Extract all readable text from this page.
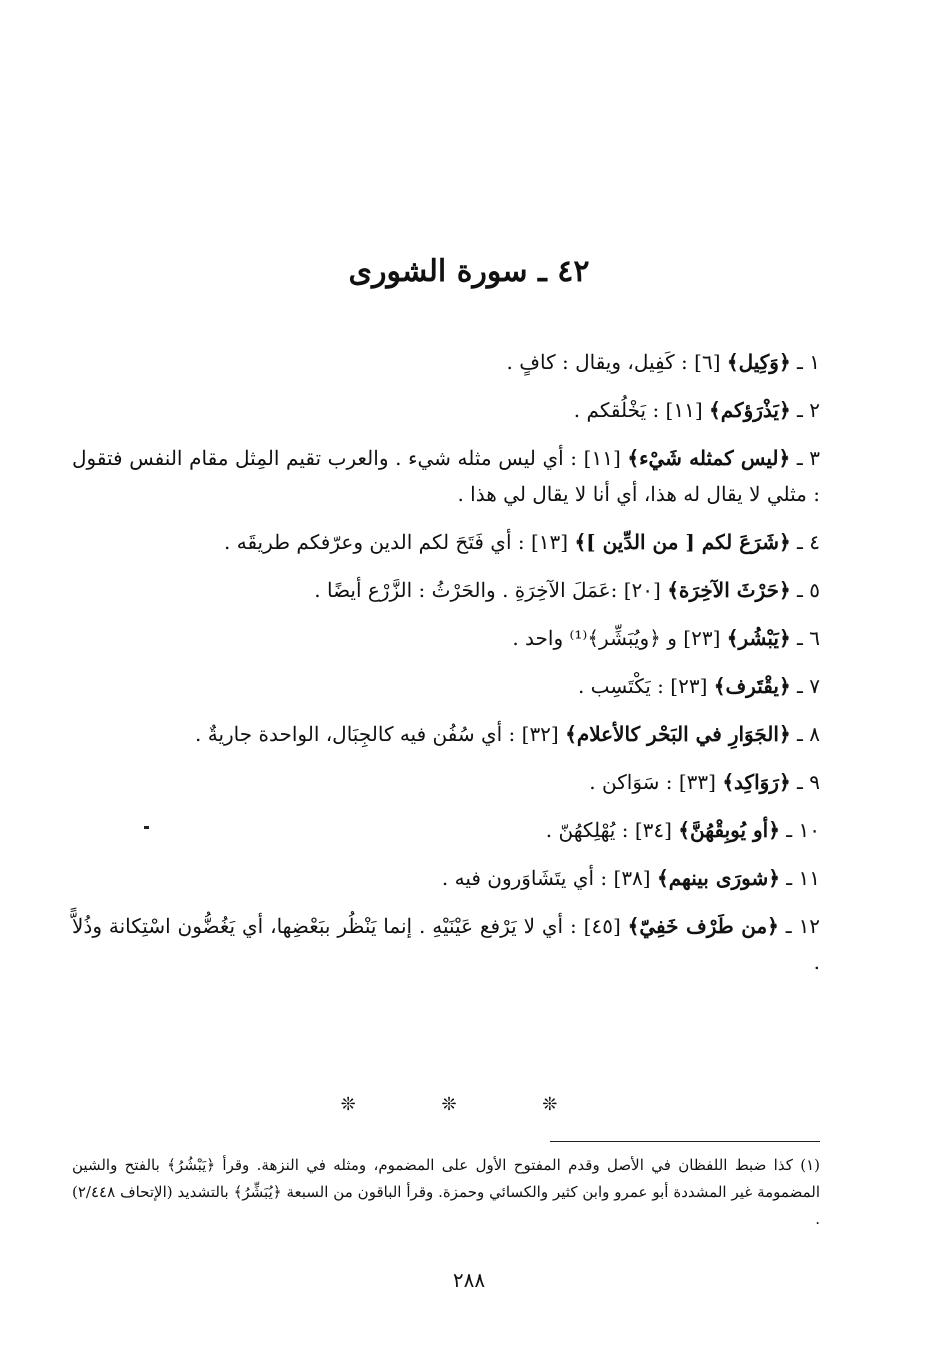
٤٢ ـ سورة الشورى
١ ـ ﴿وَكِيل﴾ [٦] : كَفِيل، ويقال : كافٍ .
٢ ـ ﴿يَذْرَؤكم﴾ [١١] : يَخْلُقكم .
٣ ـ ﴿ليس كمثله شَيْء﴾ [١١] : أي ليس مثله شيء . والعرب تقيم المِثل مقام النفس فتقول : مثلي لا يقال له هذا، أي أنا لا يقال لي هذا .
٤ ـ ﴿شَرَعَ لكم [ من الدِّين ]﴾ [١٣] : أي فَتَحَ لكم الدين وعرّفكم طريقَه .
٥ ـ ﴿حَرْثَ الآخِرَة﴾ [٢٠] :عَمَلَ الآخِرَةِ . والحَرْثُ : الزَّرْع أيضًا .
٦ ـ ﴿يَبْشُر﴾ [٢٣] و ﴿ويُبَشِّر﴾⁽¹⁾ واحد .
٧ ـ ﴿يقْتَرف﴾ [٢٣] : يَكْتَسِب .
٨ ـ ﴿الجَوَارِ في البَحْر كالأعلام﴾ [٣٢] : أي سُفُن فيه كالجِبَال، الواحدة جاريةٌ .
٩ ـ ﴿رَوَاكِد﴾ [٣٣] : سَوَاكن .
١٠ ـ ﴿أو يُوبِقْهُنَّ﴾ [٣٤] : يُهْلِكهُنّ .
١١ ـ ﴿شورَى بينهم﴾ [٣٨] : أي يتَشَاوَرون فيه .
١٢ ـ ﴿من طَرْف خَفِيّ﴾ [٤٥] : أي لا يَرْفع عَيْنَيْهِ . إنما يَنْظُر ببَعْضِها، أي يَغُضُّون اسْتِكانة وذُلاًّ .
❊ ❊ ❊

(١) كذا ضبط اللفظان في الأصل وقدم المفتوح الأول على المضموم، ومثله في النزهة. وقرأ ﴿يَبْشُرُ﴾ بالفتح والشين المضمومة غير المشددة أبو عمرو وابن كثير والكسائي وحمزة. وقرأ الباقون من السبعة ﴿يُبَشِّرُ﴾ بالتشديد (الإتحاف ٢/٤٤٨) .

٢٨٨
